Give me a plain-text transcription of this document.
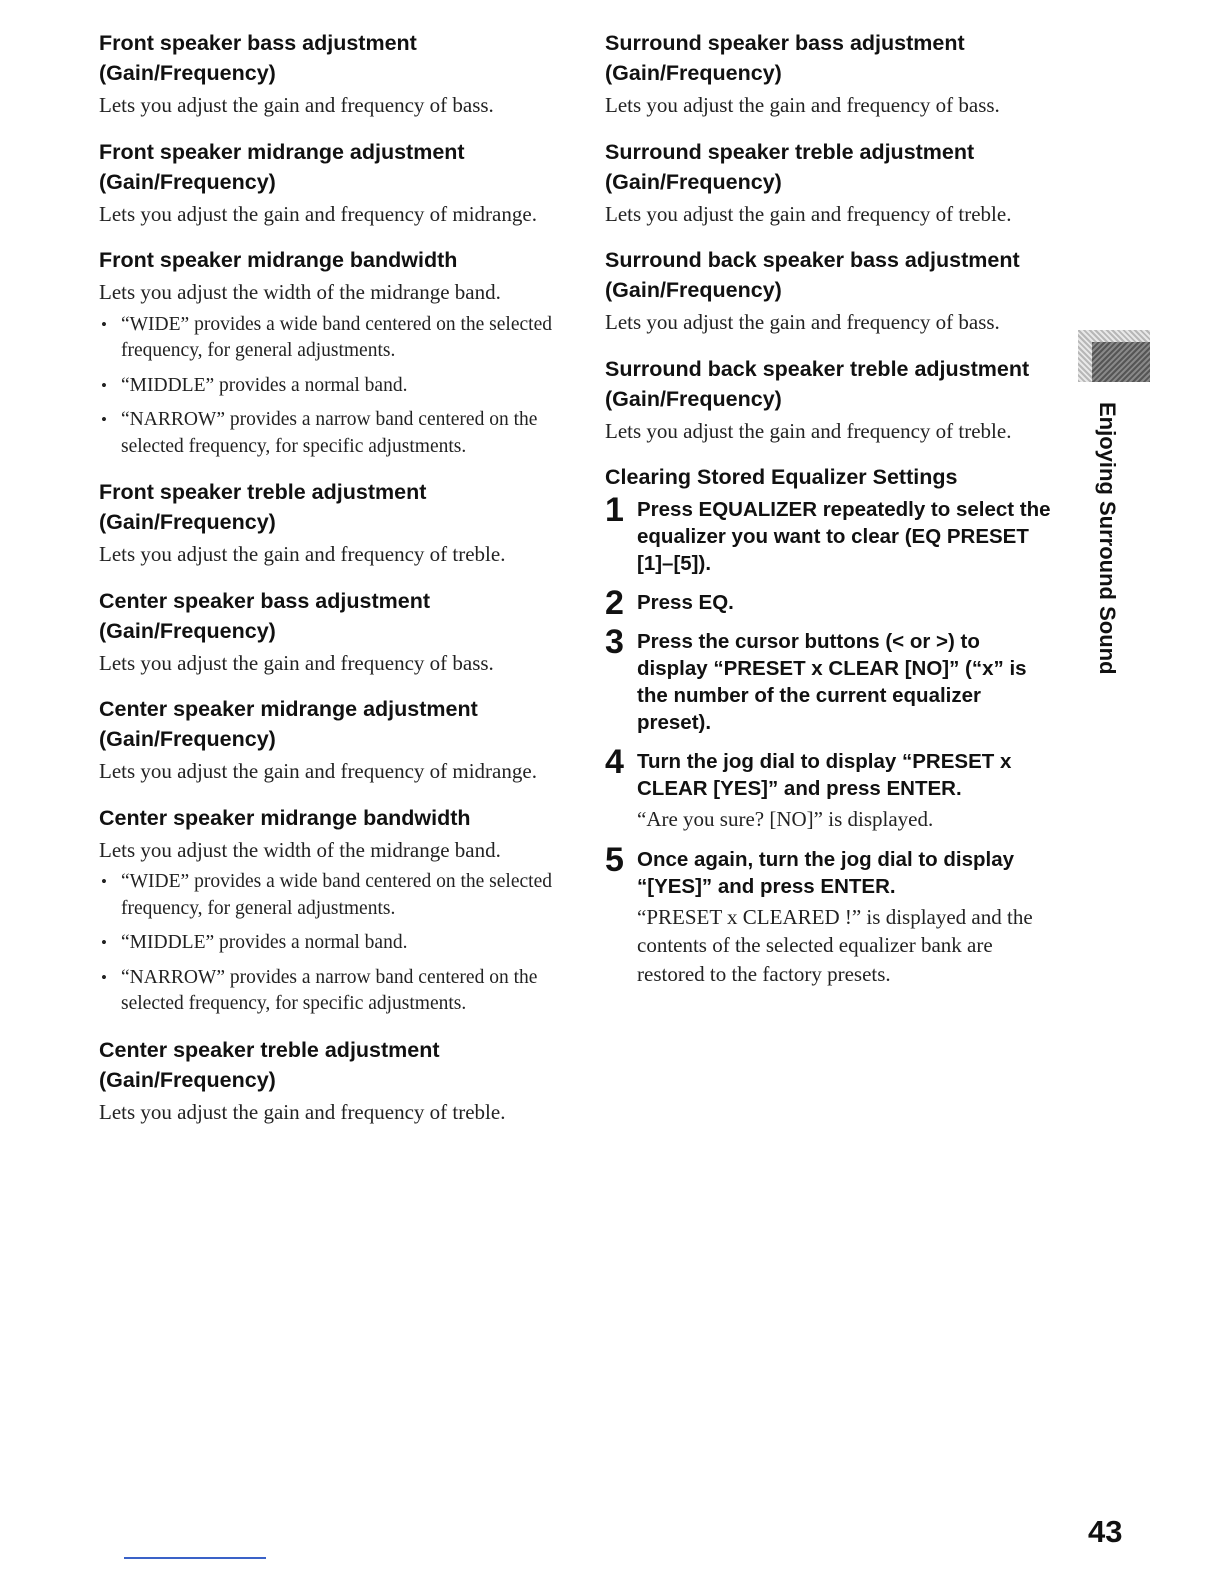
Front speaker bass adjustment (Gain/Frequency)
Lets you adjust the gain and frequency of bass.
Front speaker midrange adjustment (Gain/Frequency)
Lets you adjust the gain and frequency of midrange.
Front speaker midrange bandwidth
Lets you adjust the width of the midrange band.
• “WIDE” provides a wide band centered on the selected frequency, for general adjustments.
• “MIDDLE” provides a normal band.
• “NARROW” provides a narrow band centered on the selected frequency, for specific adjustments.
Front speaker treble adjustment (Gain/Frequency)
Lets you adjust the gain and frequency of treble.
Center speaker bass adjustment (Gain/Frequency)
Lets you adjust the gain and frequency of bass.
Center speaker midrange adjustment (Gain/Frequency)
Lets you adjust the gain and frequency of midrange.
Center speaker midrange bandwidth
Lets you adjust the width of the midrange band.
• “WIDE” provides a wide band centered on the selected frequency, for general adjustments.
• “MIDDLE” provides a normal band.
• “NARROW” provides a narrow band centered on the selected frequency, for specific adjustments.
Center speaker treble adjustment (Gain/Frequency)
Lets you adjust the gain and frequency of treble.
Surround speaker bass adjustment (Gain/Frequency)
Lets you adjust the gain and frequency of bass.
Surround speaker treble adjustment (Gain/Frequency)
Lets you adjust the gain and frequency of treble.
Surround back speaker bass adjustment (Gain/Frequency)
Lets you adjust the gain and frequency of bass.
Surround back speaker treble adjustment (Gain/Frequency)
Lets you adjust the gain and frequency of treble.
Clearing Stored Equalizer Settings
1 Press EQUALIZER repeatedly to select the equalizer you want to clear (EQ PRESET [1]–[5]).
2 Press EQ.
3 Press the cursor buttons (< or >) to display “PRESET x CLEAR [NO]” (“x” is the number of the current equalizer preset).
4 Turn the jog dial to display “PRESET x CLEAR [YES]” and press ENTER.
“Are you sure? [NO]” is displayed.
5 Once again, turn the jog dial to display “[YES]” and press ENTER.
“PRESET x CLEARED !” is displayed and the contents of the selected equalizer bank are restored to the factory presets.
Enjoying Surround Sound
43
